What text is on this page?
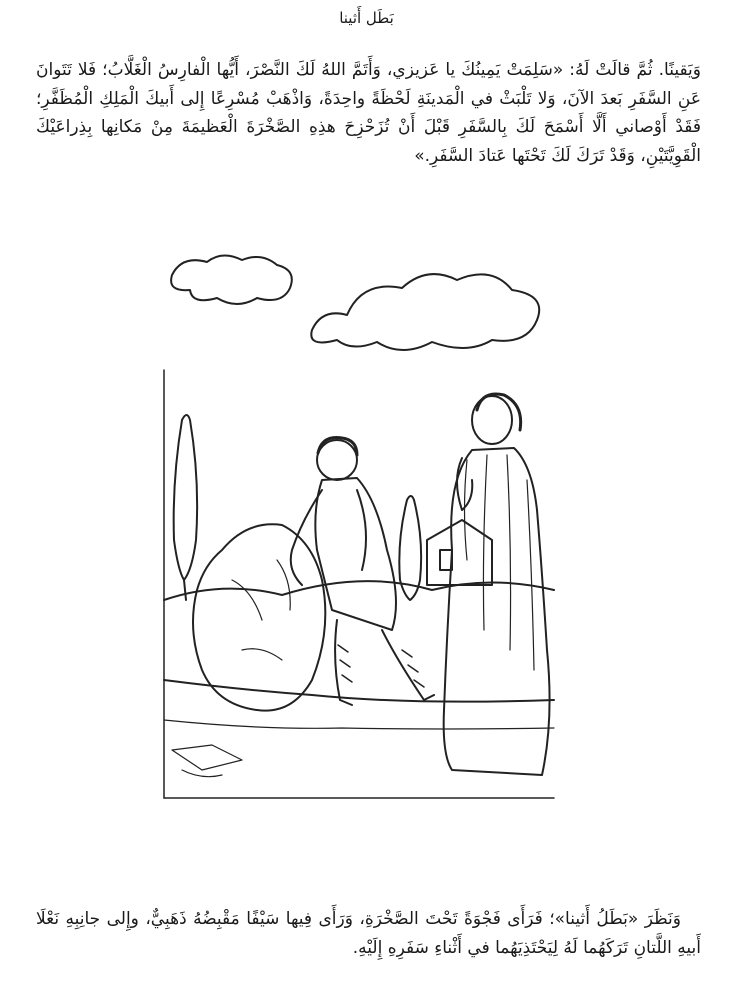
بَطَل أَثينا

وَيَقينًا. ثُمَّ قالَتْ لَهُ: «سَلِمَتْ يَمِينُكَ يا عَزيزي، وَأَتَمَّ اللهُ لَكَ النَّصْرَ، أَيُّها الْفارِسُ الْغَلَّابُ؛ فَلا تَتَوانَ عَنِ السَّفَرِ بَعدَ الآنَ، وَلا تَلْبَثْ في الْمَدينَةِ لَحْظَةً واحِدَةً، وَاذْهَبْ مُسْرِعًا إِلى أَبيكَ الْمَلِكِ الْمُظَفَّرِ؛ فَقَدْ أَوْصاني أَلَّا أَسْمَحَ لَكَ بِالسَّفَرِ قَبْلَ أَنْ تُزَحْزِحَ هذِهِ الصَّخْرَةَ الْعَظيمَةَ مِنْ مَكانِها بِذِراعَيْكَ الْقَوِيَّتَيْنِ، وَقَدْ تَرَكَ لَكَ تَحْتَها عَتادَ السَّفَرِ.»

وَنَظَرَ «بَطَلُ أَثينا»؛ فَرَأَى فَجْوَةً تَحْتَ الصَّخْرَةِ، وَرَأَى فِيها سَيْفًا مَقْبِضُهُ ذَهَبِيٌّ، وإِلى جانِبِهِ نَعْلَا أَبيهِ اللَّتانِ تَرَكَهُما لَهُ لِيَحْتَذِيَهُما في أَثْناءِ سَفَرِهِ إِلَيْهِ.
